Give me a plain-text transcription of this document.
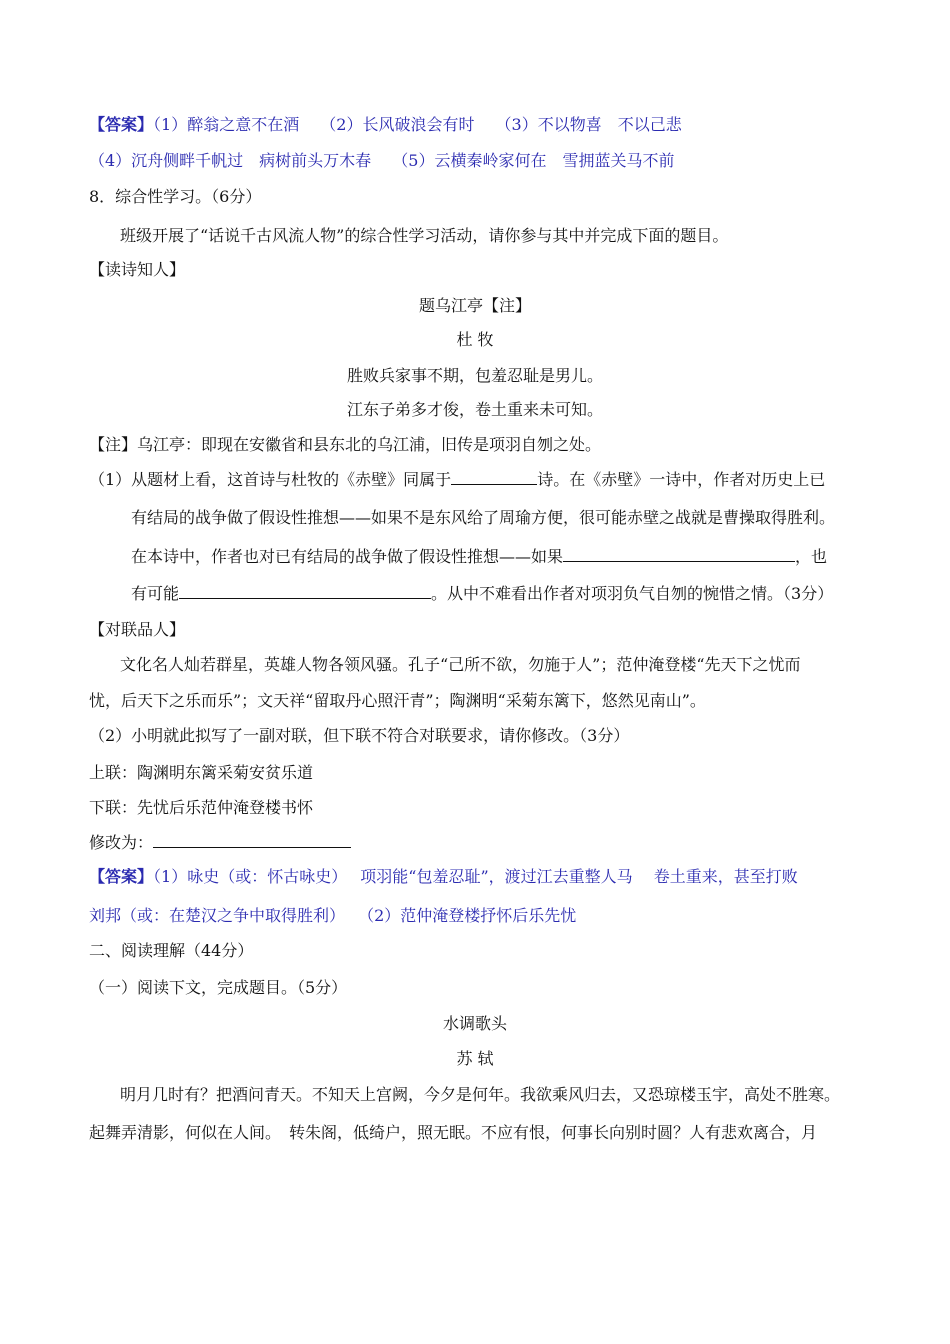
【答案】（1）醉翁之意不在酒　 （2）长风破浪会有时　 （3）不以物喜　不以己悲
（4）沉舟侧畔千帆过　病树前头万木春　 （5）云横秦岭家何在　雪拥蓝关马不前
8．综合性学习。（6分）
班级开展了“话说千古风流人物”的综合性学习活动，请你参与其中并完成下面的题目。
【读诗知人】
题乌江亭【注】
杜 牧
胜败兵家事不期，包羞忍耻是男儿。
江东子弟多才俊，卷土重来未可知。
【注】乌江亭：即现在安徽省和县东北的乌江浦，旧传是项羽自刎之处。
（1）从题材上看，这首诗与杜牧的《赤壁》同属于	诗。在《赤壁》一诗中，作者对历史上已
有结局的战争做了假设性推想——如果不是东风给了周瑜方便，很可能赤壁之战就是曹操取得胜利。
在本诗中，作者也对已有结局的战争做了假设性推想——如果	，也
有可能	。从中不难看出作者对项羽负气自刎的惋惜之情。（3分）
【对联品人】
文化名人灿若群星，英雄人物各领风骚。孔子“己所不欲，勿施于人”；范仲淹登楼“先天下之忧而
忧，后天下之乐而乐”；文天祥“留取丹心照汗青”；陶渊明“采菊东篱下，悠然见南山”。
（2）小明就此拟写了一副对联，但下联不符合对联要求，请你修改。（3分）
上联：陶渊明东篱采菊安贫乐道
下联：先忧后乐范仲淹登楼书怀
修改为：
【答案】（1）咏史（或：怀古咏史）　 项羽能“包羞忍耻”，渡过江去重整人马　 卷土重来，甚至打败
刘邦（或：在楚汉之争中取得胜利）　 （2）范仲淹登楼抒怀后乐先忧
二、阅读理解（44分）
（一）阅读下文，完成题目。（5分）
水调歌头
苏 轼
明月几时有？把酒问青天。不知天上宫阙，今夕是何年。我欲乘风归去，又恐琼楼玉宇，高处不胜寒。
起舞弄清影，何似在人间。　转朱阁，低绮户，照无眠。不应有恨，何事长向别时圆？人有悲欢离合，月
